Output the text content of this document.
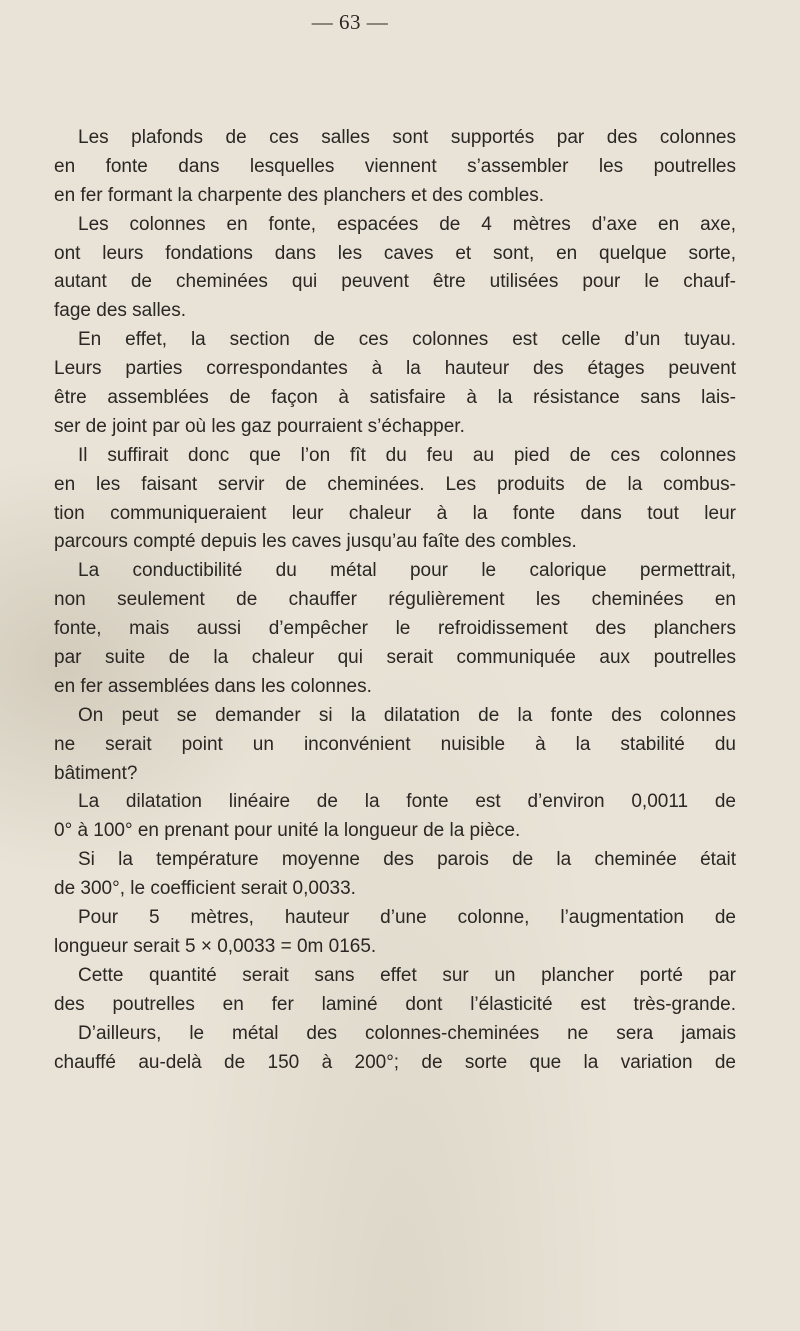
— 63 —
Les plafonds de ces salles sont supportés par des colonnes
en fonte dans lesquelles viennent s’assembler les poutrelles
en fer formant la charpente des planchers et des combles.
Les colonnes en fonte, espacées de 4 mètres d’axe en axe,
ont leurs fondations dans les caves et sont, en quelque sorte,
autant de cheminées qui peuvent être utilisées pour le chauf-
fage des salles.
En effet, la section de ces colonnes est celle d’un tuyau.
Leurs parties correspondantes à la hauteur des étages peuvent
être assemblées de façon à satisfaire à la résistance sans lais-
ser de joint par où les gaz pourraient s’échapper.
Il suffirait donc que l’on fît du feu au pied de ces colonnes
en les faisant servir de cheminées. Les produits de la combus-
tion communiqueraient leur chaleur à la fonte dans tout leur
parcours compté depuis les caves jusqu’au faîte des combles.
La conductibilité du métal pour le calorique permettrait,
non seulement de chauffer régulièrement les cheminées en
fonte, mais aussi d’empêcher le refroidissement des planchers
par suite de la chaleur qui serait communiquée aux poutrelles
en fer assemblées dans les colonnes.
On peut se demander si la dilatation de la fonte des colonnes
ne serait point un inconvénient nuisible à la stabilité du
bâtiment?
La dilatation linéaire de la fonte est d’environ 0,0011 de
0° à 100° en prenant pour unité la longueur de la pièce.
Si la température moyenne des parois de la cheminée était
de 300°, le coefficient serait 0,0033.
Pour 5 mètres, hauteur d’une colonne, l’augmentation de
longueur serait 5 × 0,0033 = 0m 0165.
Cette quantité serait sans effet sur un plancher porté par
des poutrelles en fer laminé dont l’élasticité est très-grande.
D’ailleurs, le métal des colonnes-cheminées ne sera jamais
chauffé au-delà de 150 à 200°; de sorte que la variation de
